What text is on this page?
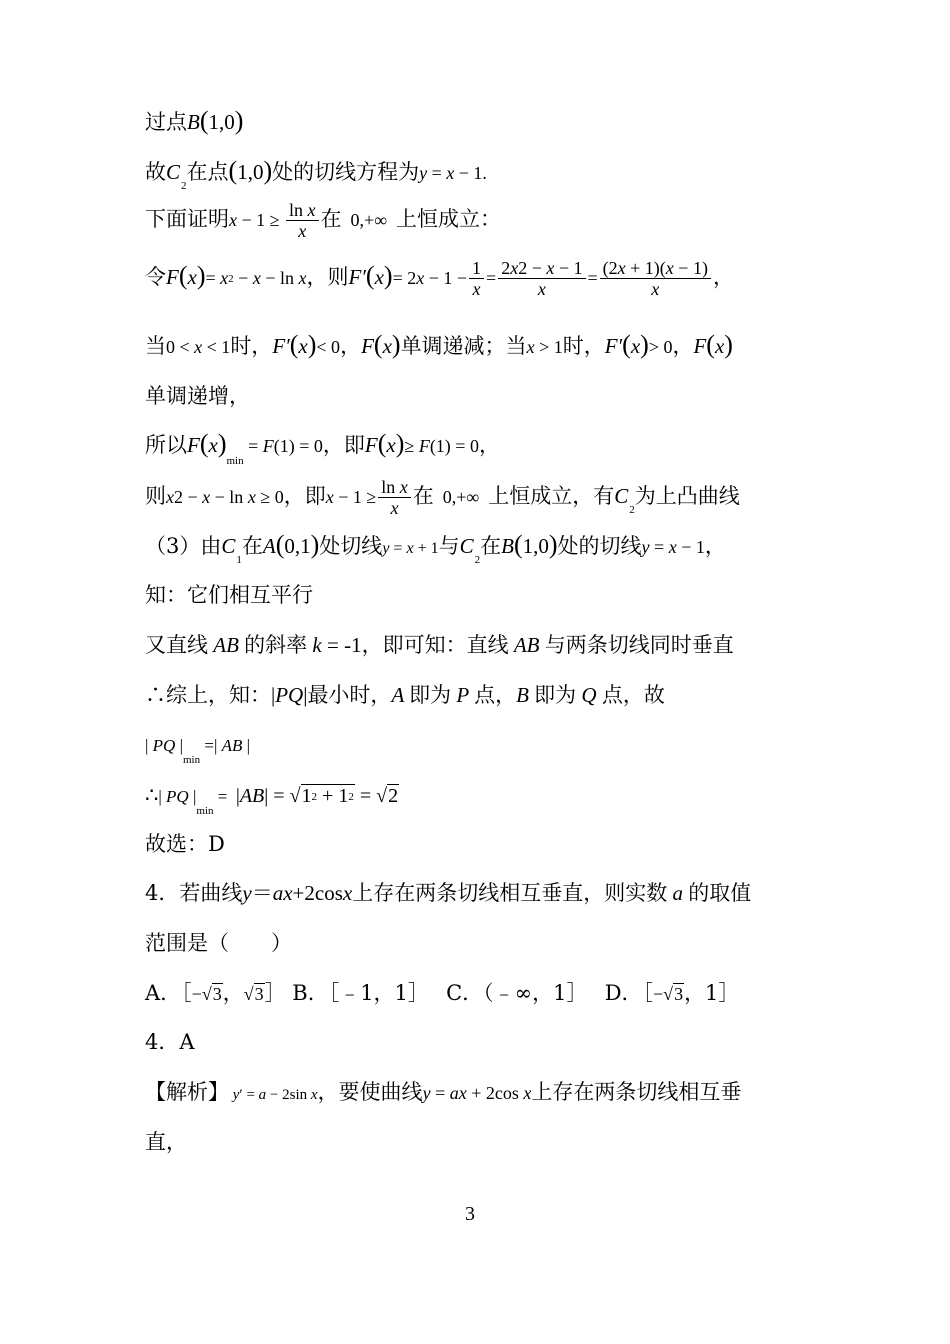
过点B(1,0)
故$C_2$在点(1,0)处的切线方程为y = x − 1.
下面证明$x - 1 \ge \frac{\text{ln x}}{x}$ 在  0,+∞  上恒成立：
令F(x)= x2 − x − ln x，则$F'(x)= 2x - 1 - \frac{1}{x} = \frac{2x2 - x - 1}{x} = \frac{(2x + 1)(x - 1)}{x}$ ，
当0 < x < 1时，F′(x)< 0，F(x)单调递减；当x > 1时，F′(x)> 0，F(x)
单调递增，
所以$F(x)_{min} = F(1) = 0$，即F(x)≥ F(1) = 0，
则x2 − x − ln x ≥ 0，即$x - 1 \ge \frac{\text{ln x}}{x}$ 在  0,+∞  上恒成立，有$C_2$为上凸曲线
（3）由$C_1$在A(0,1)处切线y = x + 1与$C_2$在B(1,0)处的切线y = x − 1，
知：它们相互平行
又直线 AB 的斜率 k = -1，即可知：直线 AB 与两条切线同时垂直
∴综上，知：|PQ|最小时，A 即为 P 点，B 即为 Q 点，故
| PQ $|_{min}$ =| AB |
∴| PQ $|_{min} = |AB| = √12 + 12 = √2$
故选：D
4．若曲线y＝ax+2cosx上存在两条切线相互垂直，则实数 a 的取值
范围是（　　）
A．［−√3，√3］ B．［﹣1，1］　 C．（﹣∞，1］　 D．［−√3，1］
4．A
【解析】 y′ = a − 2sin x，要使曲线y = ax + 2cos x上存在两条切线相互垂
直，
3
